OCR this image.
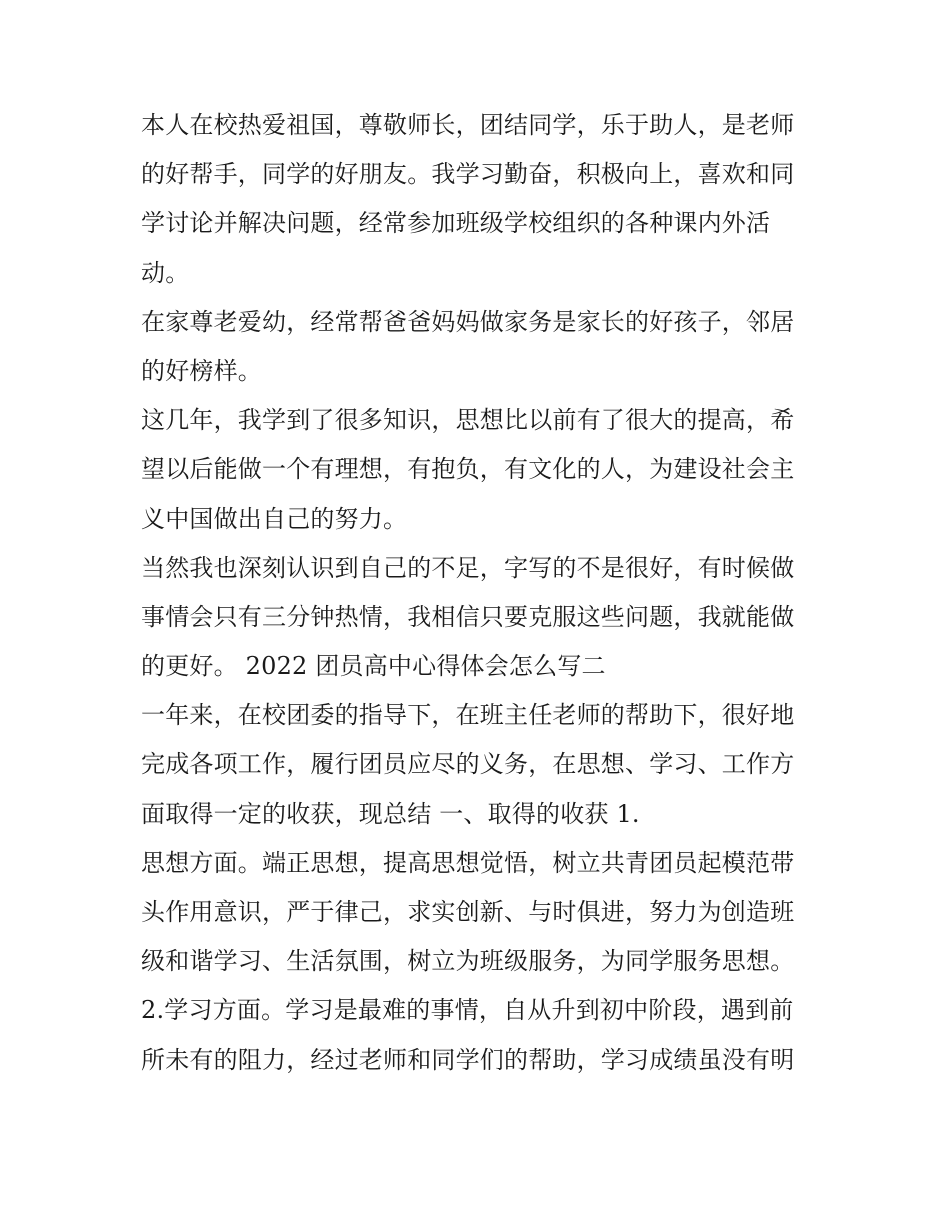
本人在校热爱祖国，尊敬师长，团结同学，乐于助人，是老师
的好帮手，同学的好朋友。我学习勤奋，积极向上，喜欢和同
学讨论并解决问题，经常参加班级学校组织的各种课内外活
动。
在家尊老爱幼，经常帮爸爸妈妈做家务是家长的好孩子，邻居
的好榜样。
这几年，我学到了很多知识，思想比以前有了很大的提高，希
望以后能做一个有理想，有抱负，有文化的人，为建设社会主
义中国做出自己的努力。
当然我也深刻认识到自己的不足，字写的不是很好，有时候做
事情会只有三分钟热情，我相信只要克服这些问题，我就能做
的更好。 2022 团员高中心得体会怎么写二
一年来，在校团委的指导下，在班主任老师的帮助下，很好地
完成各项工作，履行团员应尽的义务，在思想、学习、工作方
面取得一定的收获，现总结 一、取得的收获 1.
思想方面。端正思想，提高思想觉悟，树立共青团员起模范带
头作用意识，严于律己，求实创新、与时俱进，努力为创造班
级和谐学习、生活氛围，树立为班级服务，为同学服务思想。
2.学习方面。学习是最难的事情，自从升到初中阶段，遇到前
所未有的阻力，经过老师和同学们的帮助，学习成绩虽没有明
